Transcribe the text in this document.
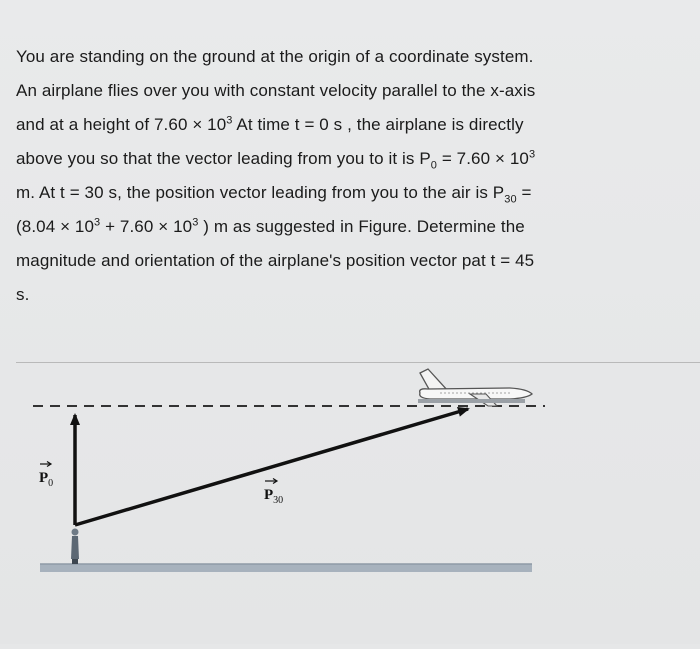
You are standing on the ground at the origin of a coordinate system.
An airplane flies over you with constant velocity parallel to the x-axis
and at a height of $7.60 \times 10^3$ At time t = 0 s , the airplane is directly
above you so that the vector leading from you to it is $P_0 = 7.60 \times 10^3$
m. At t = 30 s, the position vector leading from you to the air is $P_{30}$ =
($8.04 \times 10^3 + 7.60 \times 10^3$ ) m as suggested in Figure. Determine the
magnitude and orientation of the airplane's position vector pat t = 45
s.
$P_0$
$P_{30}$
